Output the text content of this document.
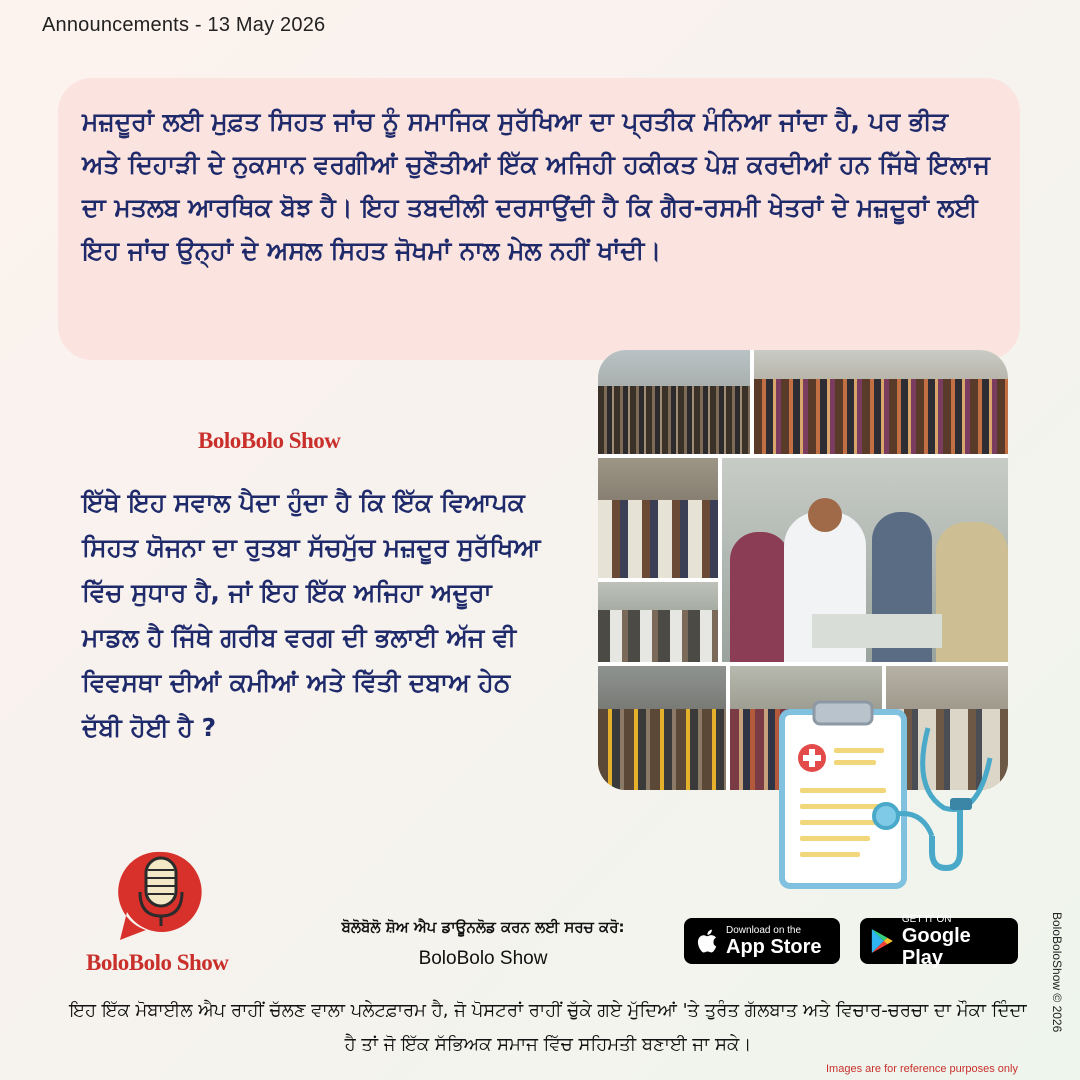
Announcements - 13 May 2026

ਮਜ਼ਦੂਰਾਂ ਲਈ ਮੁਫ਼ਤ ਸਿਹਤ ਜਾਂਚ ਨੂੰ ਸਮਾਜਿਕ ਸੁਰੱਖਿਆ ਦਾ ਪ੍ਰਤੀਕ ਮੰਨਿਆ ਜਾਂਦਾ ਹੈ, ਪਰ ਭੀੜ ਅਤੇ ਦਿਹਾੜੀ ਦੇ ਨੁਕਸਾਨ ਵਰਗੀਆਂ ਚੁਣੌਤੀਆਂ ਇੱਕ ਅਜਿਹੀ ਹਕੀਕਤ ਪੇਸ਼ ਕਰਦੀਆਂ ਹਨ ਜਿੱਥੇ ਇਲਾਜ ਦਾ ਮਤਲਬ ਆਰਥਿਕ ਬੋਝ ਹੈ। ਇਹ ਤਬਦੀਲੀ ਦਰਸਾਉਂਦੀ ਹੈ ਕਿ ਗੈਰ-ਰਸਮੀ ਖੇਤਰਾਂ ਦੇ ਮਜ਼ਦੂਰਾਂ ਲਈ ਇਹ ਜਾਂਚ ਉਨ੍ਹਾਂ ਦੇ ਅਸਲ ਸਿਹਤ ਜੋਖਮਾਂ ਨਾਲ ਮੇਲ ਨਹੀਂ ਖਾਂਦੀ।

BoloBolo Show

ਇੱਥੇ ਇਹ ਸਵਾਲ ਪੈਦਾ ਹੁੰਦਾ ਹੈ ਕਿ ਇੱਕ ਵਿਆਪਕ ਸਿਹਤ ਯੋਜਨਾ ਦਾ ਰੁਤਬਾ ਸੱਚਮੁੱਚ ਮਜ਼ਦੂਰ ਸੁਰੱਖਿਆ ਵਿੱਚ ਸੁਧਾਰ ਹੈ, ਜਾਂ ਇਹ ਇੱਕ ਅਜਿਹਾ ਅਦੂਰਾ ਮਾਡਲ ਹੈ ਜਿੱਥੇ ਗਰੀਬ ਵਰਗ ਦੀ ਭਲਾਈ ਅੱਜ ਵੀ ਵਿਵਸਥਾ ਦੀਆਂ ਕਮੀਆਂ ਅਤੇ ਵਿੱਤੀ ਦਬਾਅ ਹੇਠ ਦੱਬੀ ਹੋਈ ਹੈ ?

BoloBolo Show
ਬੋਲੋਬੋਲੋ ਸ਼ੋਅ ਐਪ ਡਾਊਨਲੋਡ ਕਰਨ ਲਈ ਸਰਚ ਕਰੋ:
BoloBolo Show
Download on the
App Store
GET IT ON
Google Play

ਇਹ ਇੱਕ ਮੋਬਾਈਲ ਐਪ ਰਾਹੀਂ ਚੱਲਣ ਵਾਲਾ ਪਲੇਟਫ਼ਾਰਮ ਹੈ, ਜੋ ਪੋਸਟਰਾਂ ਰਾਹੀਂ ਚੁੱਕੇ ਗਏ ਮੁੱਦਿਆਂ 'ਤੇ ਤੁਰੰਤ ਗੱਲਬਾਤ ਅਤੇ ਵਿਚਾਰ-ਚਰਚਾ ਦਾ ਮੌਕਾ ਦਿੰਦਾ ਹੈ ਤਾਂ ਜੋ ਇੱਕ ਸੱਭਿਅਕ ਸਮਾਜ ਵਿੱਚ ਸਹਿਮਤੀ ਬਣਾਈ ਜਾ ਸਕੇ।

Images are for reference purposes only
BoloBoloShow © 2026
